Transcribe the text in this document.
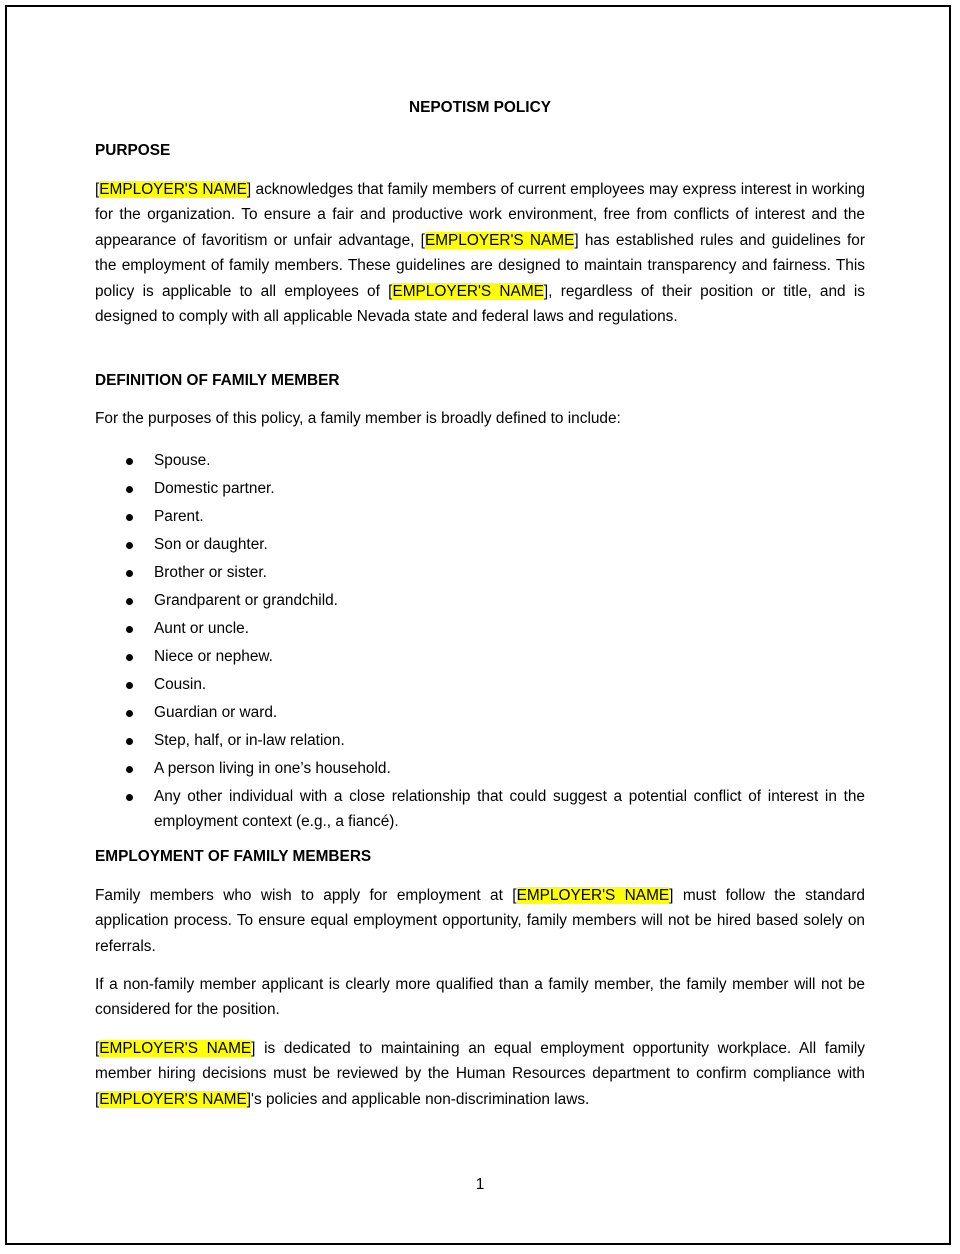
NEPOTISM POLICY
PURPOSE

[EMPLOYER'S NAME] acknowledges that family members of current employees may express interest in working for the organization. To ensure a fair and productive work environment, free from conflicts of interest and the appearance of favoritism or unfair advantage, [EMPLOYER'S NAME] has established rules and guidelines for the employment of family members. These guidelines are designed to maintain transparency and fairness. This policy is applicable to all employees of [EMPLOYER'S NAME], regardless of their position or title, and is designed to comply with all applicable Nevada state and federal laws and regulations.

DEFINITION OF FAMILY MEMBER

For the purposes of this policy, a family member is broadly defined to include:

Spouse.
Domestic partner.
Parent.
Son or daughter.
Brother or sister.
Grandparent or grandchild.
Aunt or uncle.
Niece or nephew.
Cousin.
Guardian or ward.
Step, half, or in-law relation.
A person living in one’s household.
Any other individual with a close relationship that could suggest a potential conflict of interest in the employment context (e.g., a fiancé).
EMPLOYMENT OF FAMILY MEMBERS

Family members who wish to apply for employment at [EMPLOYER'S NAME] must follow the standard application process. To ensure equal employment opportunity, family members will not be hired based solely on referrals.

If a non-family member applicant is clearly more qualified than a family member, the family member will not be considered for the position.

[EMPLOYER'S NAME] is dedicated to maintaining an equal employment opportunity workplace. All family member hiring decisions must be reviewed by the Human Resources department to confirm compliance with [EMPLOYER'S NAME]'s policies and applicable non-discrimination laws.

1
